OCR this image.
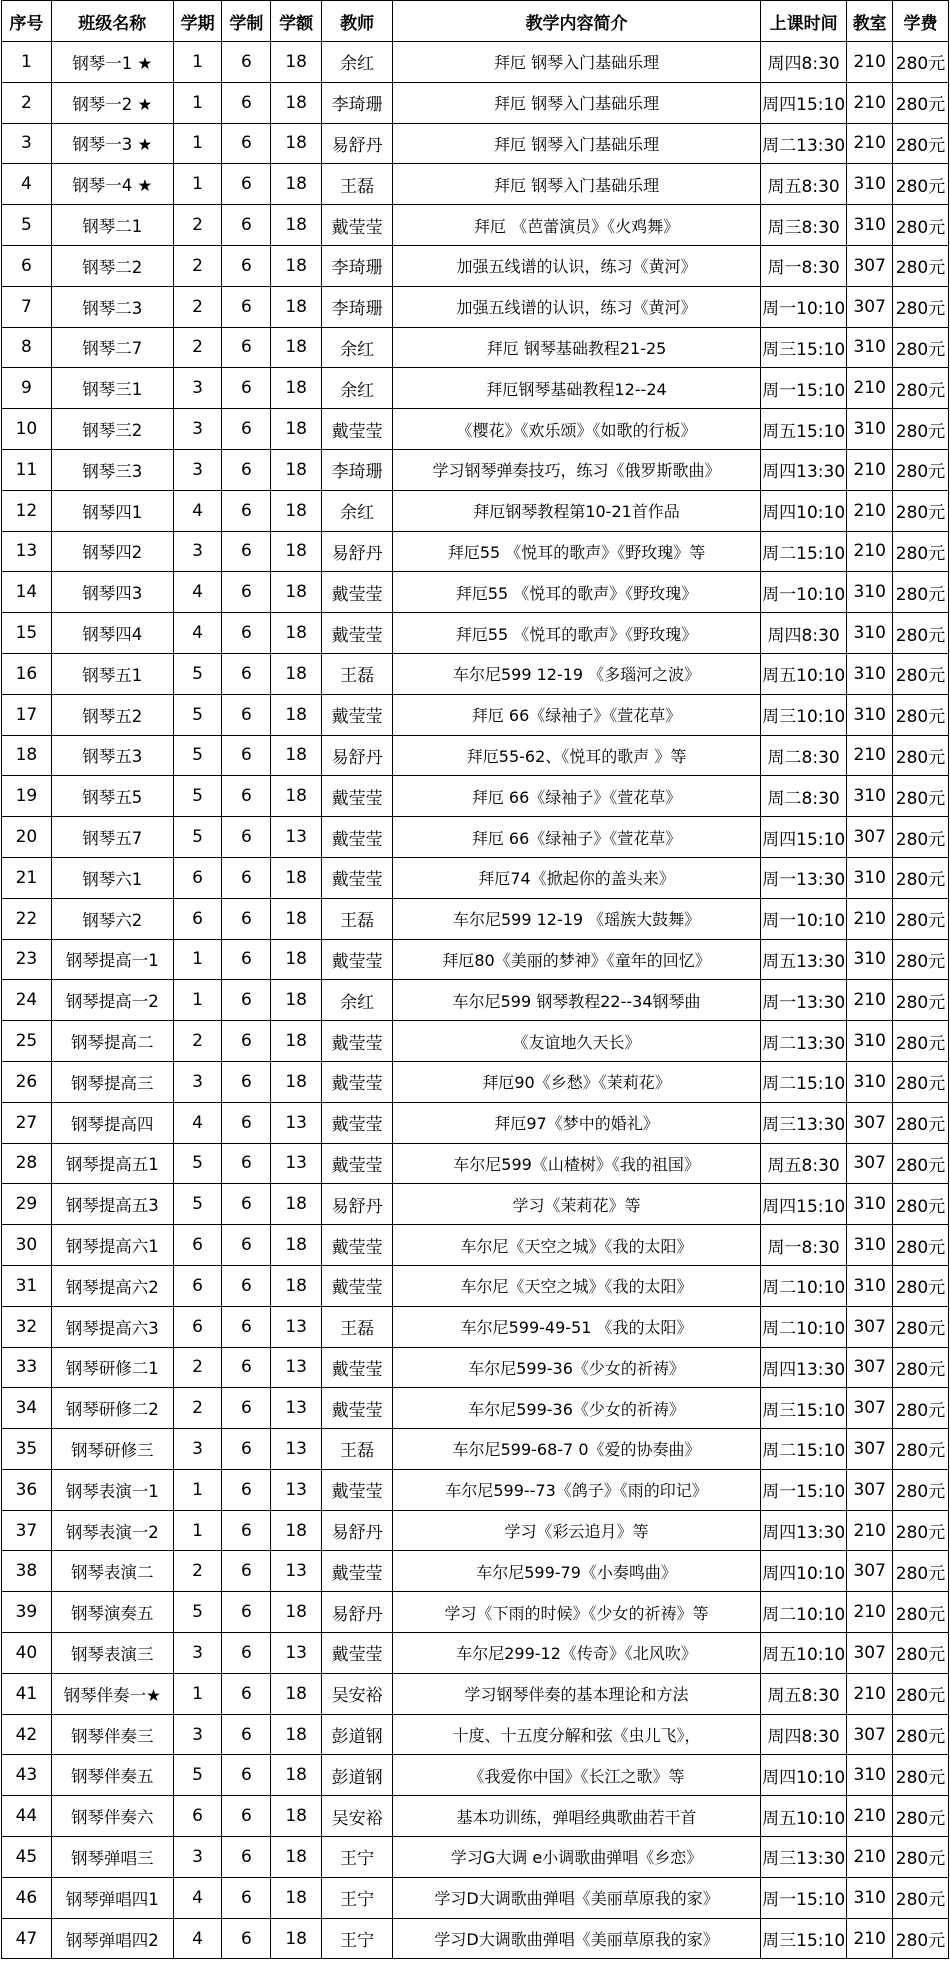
序号	班级名称	学期	学制	学额	教师	教学内容简介	上课时间	教室	学费
1	钢琴一1 ★	1	6	18	余红	拜厄 钢琴入门基础乐理	周四8:30	210	280元
2	钢琴一2 ★	1	6	18	李琦珊	拜厄 钢琴入门基础乐理	周四15:10	210	280元
3	钢琴一3 ★	1	6	18	易舒丹	拜厄 钢琴入门基础乐理	周二13:30	210	280元
4	钢琴一4 ★	1	6	18	王磊	拜厄 钢琴入门基础乐理	周五8:30	310	280元
5	钢琴二1	2	6	18	戴莹莹	拜厄 《芭蕾演员》《火鸡舞》	周三8:30	310	280元
6	钢琴二2	2	6	18	李琦珊	加强五线谱的认识，练习《黄河》	周一8:30	307	280元
7	钢琴二3	2	6	18	李琦珊	加强五线谱的认识，练习《黄河》	周一10:10	307	280元
8	钢琴二7	2	6	18	余红	拜厄 钢琴基础教程21-25	周三15:10	310	280元
9	钢琴三1	3	6	18	余红	拜厄钢琴基础教程12--24	周一15:10	210	280元
10	钢琴三2	3	6	18	戴莹莹	《樱花》《欢乐颂》《如歌的行板》	周五15:10	310	280元
11	钢琴三3	3	6	18	李琦珊	学习钢琴弹奏技巧，练习《俄罗斯歌曲》	周四13:30	210	280元
12	钢琴四1	4	6	18	余红	拜厄钢琴教程第10-21首作品	周四10:10	210	280元
13	钢琴四2	3	6	18	易舒丹	拜厄55 《悦耳的歌声》《野玫瑰》等	周二15:10	210	280元
14	钢琴四3	4	6	18	戴莹莹	拜厄55 《悦耳的歌声》《野玫瑰》	周一10:10	310	280元
15	钢琴四4	4	6	18	戴莹莹	拜厄55 《悦耳的歌声》《野玫瑰》	周四8:30	310	280元
16	钢琴五1	5	6	18	王磊	车尔尼599 12-19 《多瑙河之波》	周五10:10	310	280元
17	钢琴五2	5	6	18	戴莹莹	拜厄 66《绿袖子》《萱花草》	周三10:10	310	280元
18	钢琴五3	5	6	18	易舒丹	拜厄55-62、《悦耳的歌声 》等	周二8:30	210	280元
19	钢琴五5	5	6	18	戴莹莹	拜厄 66《绿袖子》《萱花草》	周二8:30	310	280元
20	钢琴五7	5	6	13	戴莹莹	拜厄 66《绿袖子》《萱花草》	周四15:10	307	280元
21	钢琴六1	6	6	18	戴莹莹	拜厄74《掀起你的盖头来》	周一13:30	310	280元
22	钢琴六2	6	6	18	王磊	车尔尼599 12-19 《瑶族大鼓舞》	周一10:10	210	280元
23	钢琴提高一1	1	6	18	戴莹莹	拜厄80《美丽的梦神》《童年的回忆》	周五13:30	310	280元
24	钢琴提高一2	1	6	18	余红	车尔尼599 钢琴教程22--34钢琴曲	周一13:30	210	280元
25	钢琴提高二	2	6	18	戴莹莹	《友谊地久天长》	周二13:30	310	280元
26	钢琴提高三	3	6	18	戴莹莹	拜厄90《乡愁》《茉莉花》	周二15:10	310	280元
27	钢琴提高四	4	6	13	戴莹莹	拜厄97《梦中的婚礼》	周三13:30	307	280元
28	钢琴提高五1	5	6	13	戴莹莹	车尔尼599《山楂树》《我的祖国》	周五8:30	307	280元
29	钢琴提高五3	5	6	18	易舒丹	学习《茉莉花》等	周四15:10	310	280元
30	钢琴提高六1	6	6	18	戴莹莹	车尔尼《天空之城》《我的太阳》	周一8:30	310	280元
31	钢琴提高六2	6	6	18	戴莹莹	车尔尼《天空之城》《我的太阳》	周二10:10	310	280元
32	钢琴提高六3	6	6	13	王磊	车尔尼599-49-51 《我的太阳》	周二10:10	307	280元
33	钢琴研修二1	2	6	13	戴莹莹	车尔尼599-36《少女的祈祷》	周四13:30	307	280元
34	钢琴研修二2	2	6	13	戴莹莹	车尔尼599-36《少女的祈祷》	周三15:10	307	280元
35	钢琴研修三	3	6	13	王磊	车尔尼599-68-7 0《爱的协奏曲》	周二15:10	307	280元
36	钢琴表演一1	1	6	13	戴莹莹	车尔尼599--73《鸽子》《雨的印记》	周一15:10	307	280元
37	钢琴表演一2	1	6	18	易舒丹	学习《彩云追月》等	周四13:30	210	280元
38	钢琴表演二	2	6	13	戴莹莹	车尔尼599-79《小奏鸣曲》	周四10:10	307	280元
39	钢琴演奏五	5	6	18	易舒丹	学习《下雨的时候》《少女的祈祷》等	周二10:10	210	280元
40	钢琴表演三	3	6	13	戴莹莹	车尔尼299-12《传奇》《北风吹》	周五10:10	307	280元
41	钢琴伴奏一★	1	6	18	吴安裕	学习钢琴伴奏的基本理论和方法	周五8:30	210	280元
42	钢琴伴奏三	3	6	18	彭道钢	十度、十五度分解和弦《虫儿飞》，	周四8:30	307	280元
43	钢琴伴奏五	5	6	18	彭道钢	《我爱你中国》《长江之歌》等	周四10:10	310	280元
44	钢琴伴奏六	6	6	18	吴安裕	基本功训练，弹唱经典歌曲若干首	周五10:10	210	280元
45	钢琴弹唱三	3	6	18	王宁	学习G大调 e小调歌曲弹唱《乡恋》	周三13:30	210	280元
46	钢琴弹唱四1	4	6	18	王宁	学习D大调歌曲弹唱《美丽草原我的家》	周一15:10	310	280元
47	钢琴弹唱四2	4	6	18	王宁	学习D大调歌曲弹唱《美丽草原我的家》	周三15:10	210	280元
